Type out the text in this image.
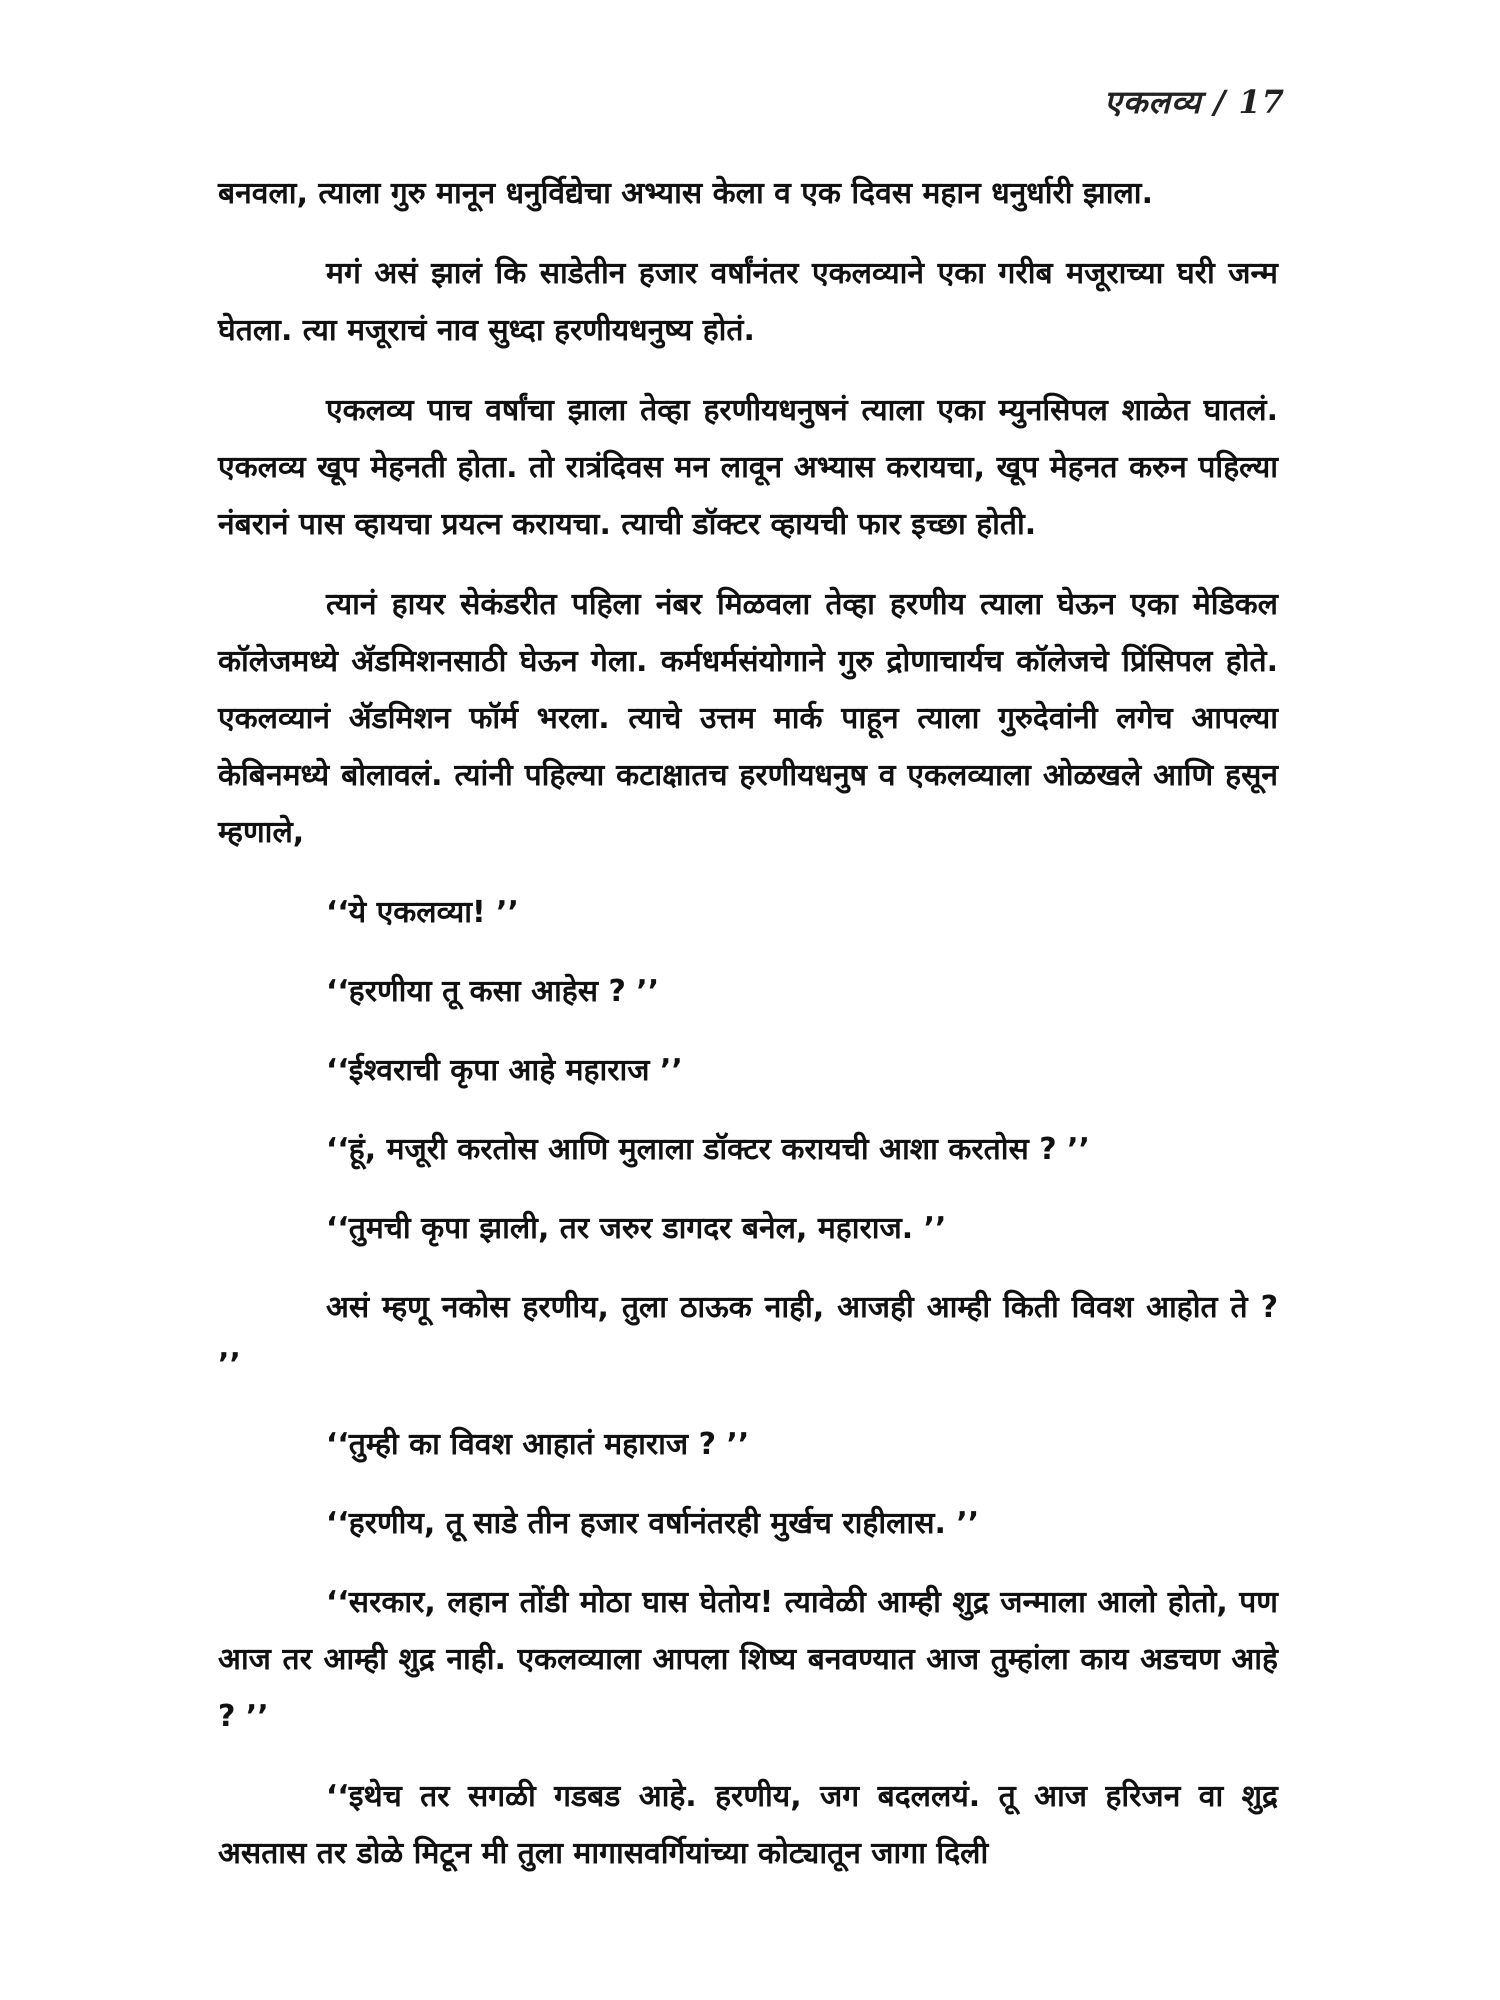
एकलव्य / 17

बनवला, त्याला गुरु मानून धनुर्विद्येचा अभ्यास केला व एक दिवस महान धनुर्धारी झाला.

मगं असं झालं कि साडेतीन हजार वर्षांनंतर एकलव्याने एका गरीब मजूराच्या घरी जन्म घेतला. त्या मजूराचं नाव सुध्दा हरणीयधनुष्य होतं.

एकलव्य पाच वर्षांचा झाला तेव्हा हरणीयधनुषनं त्याला एका म्युनसिपल शाळेत घातलं. एकलव्य खूप मेहनती होता. तो रात्रंदिवस मन लावून अभ्यास करायचा, खूप मेहनत करुन पहिल्या नंबरानं पास व्हायचा प्रयत्न करायचा. त्याची डॉक्टर व्हायची फार इच्छा होती.

त्यानं हायर सेकंडरीत पहिला नंबर मिळवला तेव्हा हरणीय त्याला घेऊन एका मेडिकल कॉलेजमध्ये ॲडमिशनसाठी घेऊन गेला. कर्मधर्मसंयोगाने गुरु द्रोणाचार्यच कॉलेजचे प्रिंसिपल होते. एकलव्यानं ॲडमिशन फॉर्म भरला. त्याचे उत्तम मार्क पाहून त्याला गुरुदेवांनी लगेच आपल्या केबिनमध्ये बोलावलं. त्यांनी पहिल्या कटाक्षातच हरणीयधनुष व एकलव्याला ओळखले आणि हसून म्हणाले,

‘‘ये एकलव्या! ’’

‘‘हरणीया तू कसा आहेस ? ’’

‘‘ईश्वराची कृपा आहे महाराज ’’

‘‘हूं, मजूरी करतोस आणि मुलाला डॉक्टर करायची आशा करतोस ? ’’

‘‘तुमची कृपा झाली, तर जरुर डागदर बनेल, महाराज. ’’

असं म्हणू नकोस हरणीय, तुला ठाऊक नाही, आजही आम्ही किती विवश आहोत ते ? ’’

‘‘तुम्ही का विवश आहातं महाराज ? ’’

‘‘हरणीय, तू साडे तीन हजार वर्षानंतरही मुर्खच राहीलास. ’’

‘‘सरकार, लहान तोंडी मोठा घास घेतोय! त्यावेळी आम्ही शुद्र जन्माला आलो होतो, पण आज तर आम्ही शुद्र नाही. एकलव्याला आपला शिष्य बनवण्यात आज तुम्हांला काय अडचण आहे ? ’’

‘‘इथेच तर सगळी गडबड आहे. हरणीय, जग बदललयं. तू आज हरिजन वा शुद्र असतास तर डोळे मिटून मी तुला मागासवर्गियांच्या कोट्यातून जागा दिली
